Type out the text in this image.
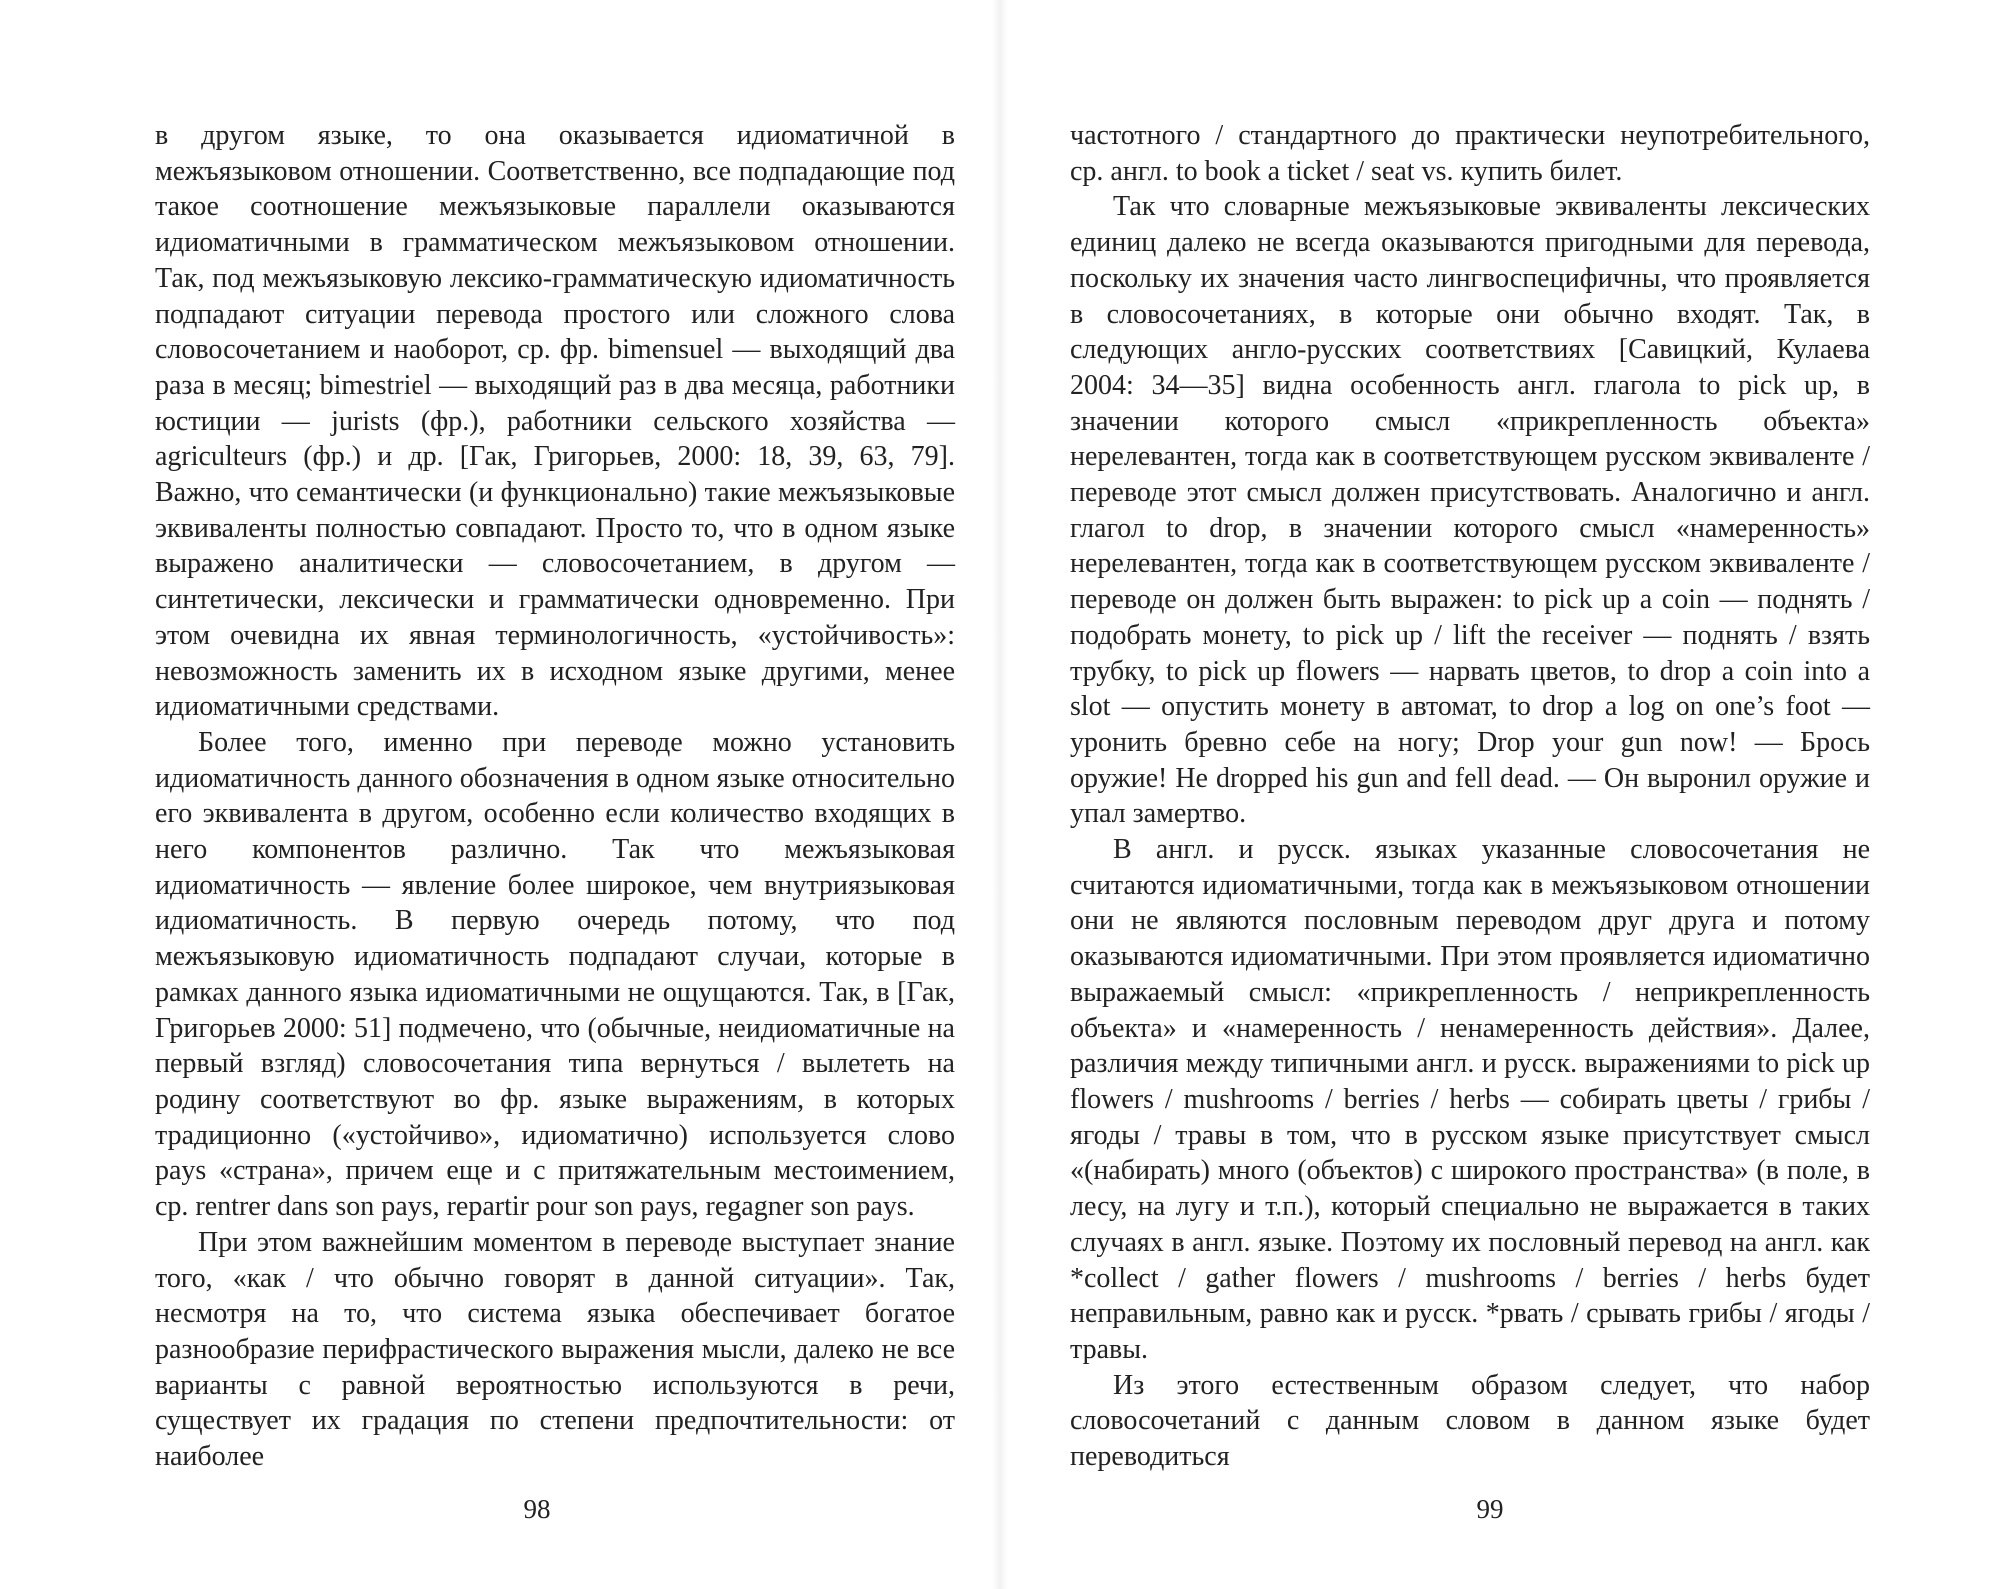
в другом языке, то она оказывается идиоматичной в межъязыковом отношении. Соответственно, все подпадающие под такое соотношение межъязыковые параллели оказываются идиоматичными в грамматическом межъязыковом отношении. Так, под межъязыковую лексико-грамматическую идиоматичность подпадают ситуации перевода простого или сложного слова словосочетанием и наоборот, ср. фр. bimensuel — выходящий два раза в месяц; bimestriel — выходящий раз в два месяца, работники юстиции — jurists (фр.), работники сельского хозяйства — agriculteurs (фр.) и др. [Гак, Григорьев, 2000: 18, 39, 63, 79]. Важно, что семантически (и функционально) такие межъязыковые эквиваленты полностью совпадают. Просто то, что в одном языке выражено аналитически — словосочетанием, в другом — синтетически, лексически и грамматически одновременно. При этом очевидна их явная терминологичность, «устойчивость»: невозможность заменить их в исходном языке другими, менее идиоматичными средствами.

Более того, именно при переводе можно установить идиоматичность данного обозначения в одном языке относительно его эквивалента в другом, особенно если количество входящих в него компонентов различно. Так что межъязыковая идиоматичность — явление более широкое, чем внутриязыковая идиоматичность. В первую очередь потому, что под межъязыковую идиоматичность подпадают случаи, которые в рамках данного языка идиоматичными не ощущаются. Так, в [Гак, Григорьев 2000: 51] подмечено, что (обычные, неидиоматичные на первый взгляд) словосочетания типа вернуться / вылететь на родину соответствуют во фр. языке выражениям, в которых традиционно («устойчиво», идиоматично) используется слово pays «страна», причем еще и с притяжательным местоимением, ср. rentrer dans son pays, repartir pour son pays, regagner son pays.

При этом важнейшим моментом в переводе выступает знание того, «как / что обычно говорят в данной ситуации». Так, несмотря на то, что система языка обеспечивает богатое разнообразие перифрастического выражения мысли, далеко не все варианты с равной вероятностью используются в речи, существует их градация по степени предпочтительности: от наиболее

98

частотного / стандартного до практически неупотребительного, ср. англ. to book a ticket / seat vs. купить билет.

Так что словарные межъязыковые эквиваленты лексических единиц далеко не всегда оказываются пригодными для перевода, поскольку их значения часто лингвоспецифичны, что проявляется в словосочетаниях, в которые они обычно входят. Так, в следующих англо-русских соответствиях [Савицкий, Кулаева 2004: 34—35] видна особенность англ. глагола to pick up, в значении которого смысл «прикрепленность объекта» нерелевантен, тогда как в соответствующем русском эквиваленте / переводе этот смысл должен присутствовать. Аналогично и англ. глагол to drop, в значении которого смысл «намеренность» нерелевантен, тогда как в соответствующем русском эквиваленте / переводе он должен быть выражен: to pick up a coin — поднять / подобрать монету, to pick up / lift the receiver — поднять / взять трубку, to pick up flowers — нарвать цветов, to drop a coin into a slot — опустить монету в автомат, to drop a log on one’s foot — уронить бревно себе на ногу; Drop your gun now! — Брось оружие! He dropped his gun and fell dead. — Он выронил оружие и упал замертво.

В англ. и русск. языках указанные словосочетания не считаются идиоматичными, тогда как в межъязыковом отношении они не являются пословным переводом друг друга и потому оказываются идиоматичными. При этом проявляется идиоматично выражаемый смысл: «прикрепленность / неприкрепленность объекта» и «намеренность / ненамеренность действия». Далее, различия между типичными англ. и русск. выражениями to pick up flowers / mushrooms / berries / herbs — собирать цветы / грибы / ягоды / травы в том, что в русском языке присутствует смысл «(набирать) много (объектов) с широкого пространства» (в поле, в лесу, на лугу и т.п.), который специально не выражается в таких случаях в англ. языке. Поэтому их пословный перевод на англ. как *collect / gather flowers / mushrooms / berries / herbs будет неправильным, равно как и русск. *рвать / срывать грибы / ягоды / травы.

Из этого естественным образом следует, что набор словосочетаний с данным словом в данном языке будет переводиться

99
